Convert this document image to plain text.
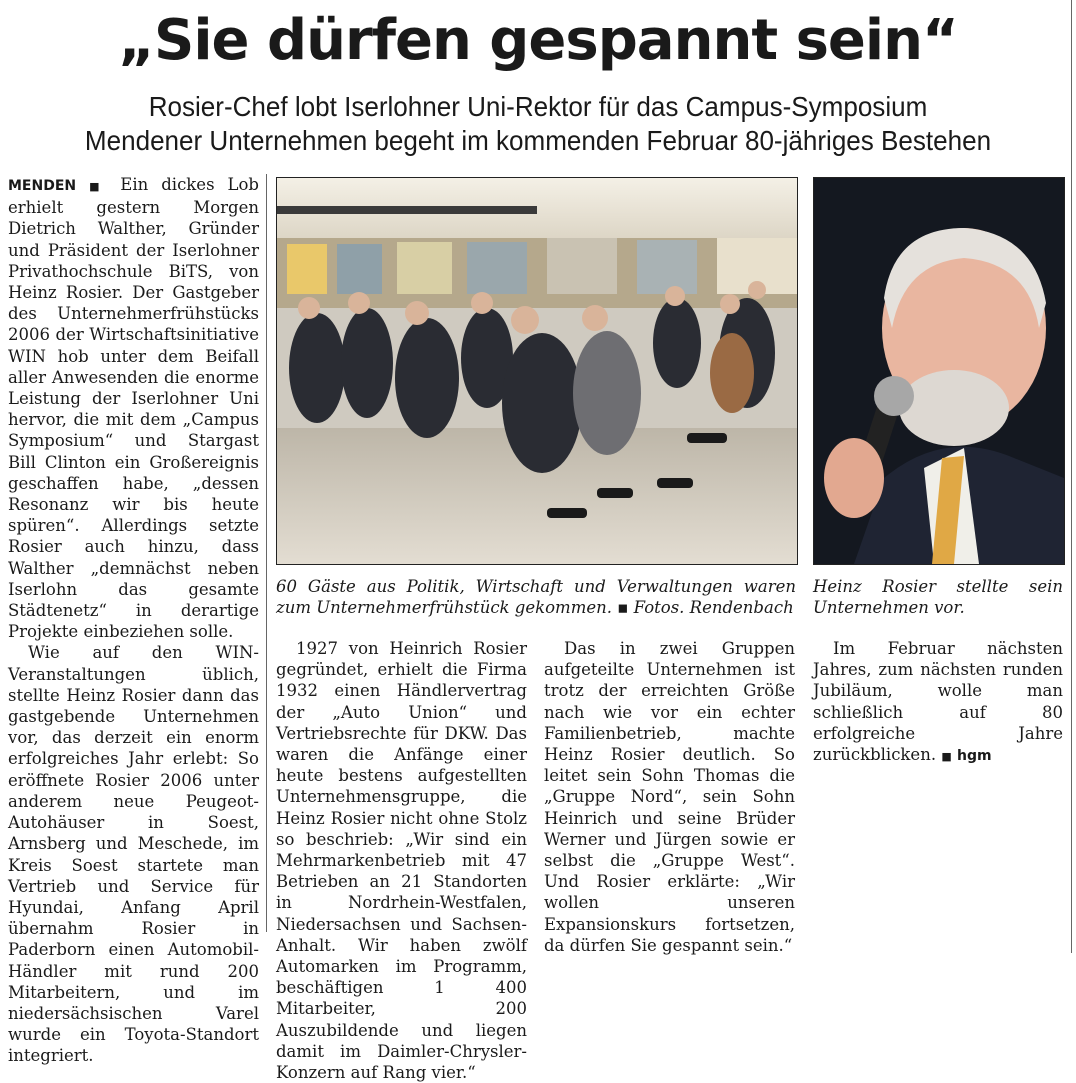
„Sie dürfen gespannt sein“
Rosier-Chef lobt Iserlohner Uni-Rektor für das Campus-Symposium
Mendener Unternehmen begeht im kommenden Februar 80-jähriges Bestehen

MENDEN ■ Ein dickes Lob erhielt gestern Morgen Dietrich Walther, Gründer und Präsident der Iserlohner Privathochschule BiTS, von Heinz Rosier. Der Gastgeber des Unternehmerfrühstücks 2006 der Wirtschaftsinitiative WIN hob unter dem Beifall aller Anwesenden die enorme Leistung der Iserlohner Uni hervor, die mit dem „Campus Symposium“ und Stargast Bill Clinton ein Großereignis geschaffen habe, „dessen Resonanz wir bis heute spüren“. Allerdings setzte Rosier auch hinzu, dass Walther „demnächst neben Iserlohn das gesamte Städtenetz“ in derartige Projekte einbeziehen solle.

Wie auf den WIN-Veranstaltungen üblich, stellte Heinz Rosier dann das gastgebende Unternehmen vor, das derzeit ein enorm erfolgreiches Jahr erlebt: So eröffnete Rosier 2006 unter anderem neue Peugeot-Autohäuser in Soest, Arnsberg und Meschede, im Kreis Soest startete man Vertrieb und Service für Hyundai, Anfang April übernahm Rosier in Paderborn einen Automobil-Händler mit rund 200 Mitarbeitern, und im niedersächsischen Varel wurde ein Toyota-Standort integriert.

60 Gäste aus Politik, Wirtschaft und Verwaltungen waren zum Unternehmerfrühstück gekommen. ▪ Fotos. Rendenbach
Heinz Rosier stellte sein Unternehmen vor.

1927 von Heinrich Rosier gegründet, erhielt die Firma 1932 einen Händlervertrag der „Auto Union“ und Vertriebsrechte für DKW. Das waren die Anfänge einer heute bestens aufgestellten Unternehmensgruppe, die Heinz Rosier nicht ohne Stolz so beschrieb: „Wir sind ein Mehrmarkenbetrieb mit 47 Betrieben an 21 Standorten in Nordrhein-Westfalen, Niedersachsen und Sachsen-Anhalt. Wir haben zwölf Automarken im Programm, beschäftigen 1 400 Mitarbeiter, 200 Auszubildende und liegen damit im Daimler-Chrysler-Konzern auf Rang vier.“

Das in zwei Gruppen aufgeteilte Unternehmen ist trotz der erreichten Größe nach wie vor ein echter Familienbetrieb, machte Heinz Rosier deutlich. So leitet sein Sohn Thomas die „Gruppe Nord“, sein Sohn Heinrich und seine Brüder Werner und Jürgen sowie er selbst die „Gruppe West“. Und Rosier erklärte: „Wir wollen unseren Expansionskurs fortsetzen, da dürfen Sie gespannt sein.“

Im Februar nächsten Jahres, zum nächsten runden Jubiläum, wolle man schließlich auf 80 erfolgreiche Jahre zurückblicken. ■ hgm
